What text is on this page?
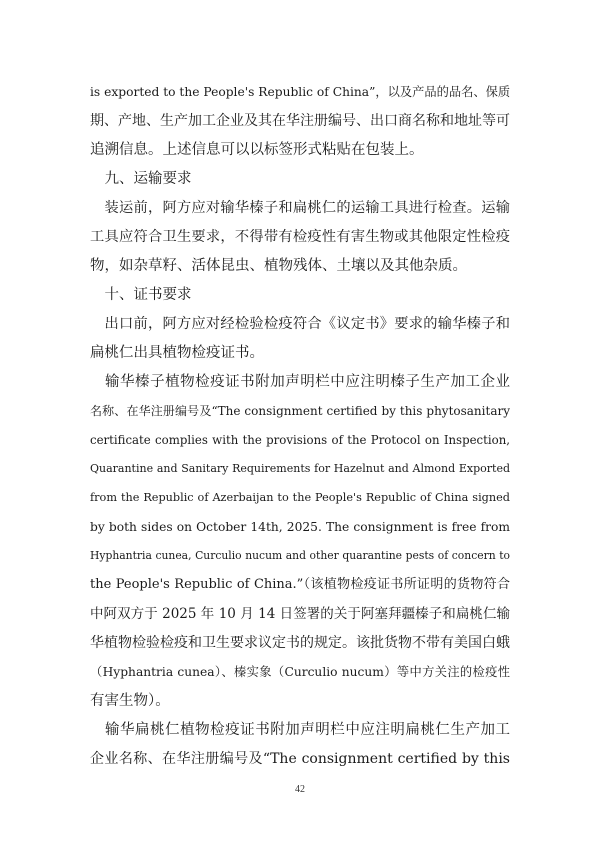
is exported to the People's Republic of China”，以及产品的品名、保质
期、产地、生产加工企业及其在华注册编号、出口商名称和地址等可
追溯信息。上述信息可以以标签形式粘贴在包装上。
　九、运输要求
　装运前，阿方应对输华榛子和扁桃仁的运输工具进行检查。运输
工具应符合卫生要求，不得带有检疫性有害生物或其他限定性检疫
物，如杂草籽、活体昆虫、植物残体、土壤以及其他杂质。
　十、证书要求
　出口前，阿方应对经检验检疫符合《议定书》要求的输华榛子和
扁桃仁出具植物检疫证书。
　输华榛子植物检疫证书附加声明栏中应注明榛子生产加工企业
名称、在华注册编号及“The consignment certified by this phytosanitary
certificate complies with the provisions of the Protocol on Inspection,
Quarantine and Sanitary Requirements for Hazelnut and Almond Exported
from the Republic of Azerbaijan to the People's Republic of China signed
by both sides on October 14th, 2025. The consignment is free from
Hyphantria cunea, Curculio nucum and other quarantine pests of concern to
the People's Republic of China.”（该植物检疫证书所证明的货物符合
中阿双方于 2025 年 10 月 14 日签署的关于阿塞拜疆榛子和扁桃仁输
华植物检验检疫和卫生要求议定书的规定。该批货物不带有美国白蛾
（Hyphantria cunea）、榛实象（Curculio nucum）等中方关注的检疫性
有害生物）。
　输华扁桃仁植物检疫证书附加声明栏中应注明扁桃仁生产加工
企业名称、在华注册编号及“The consignment certified by this
42
